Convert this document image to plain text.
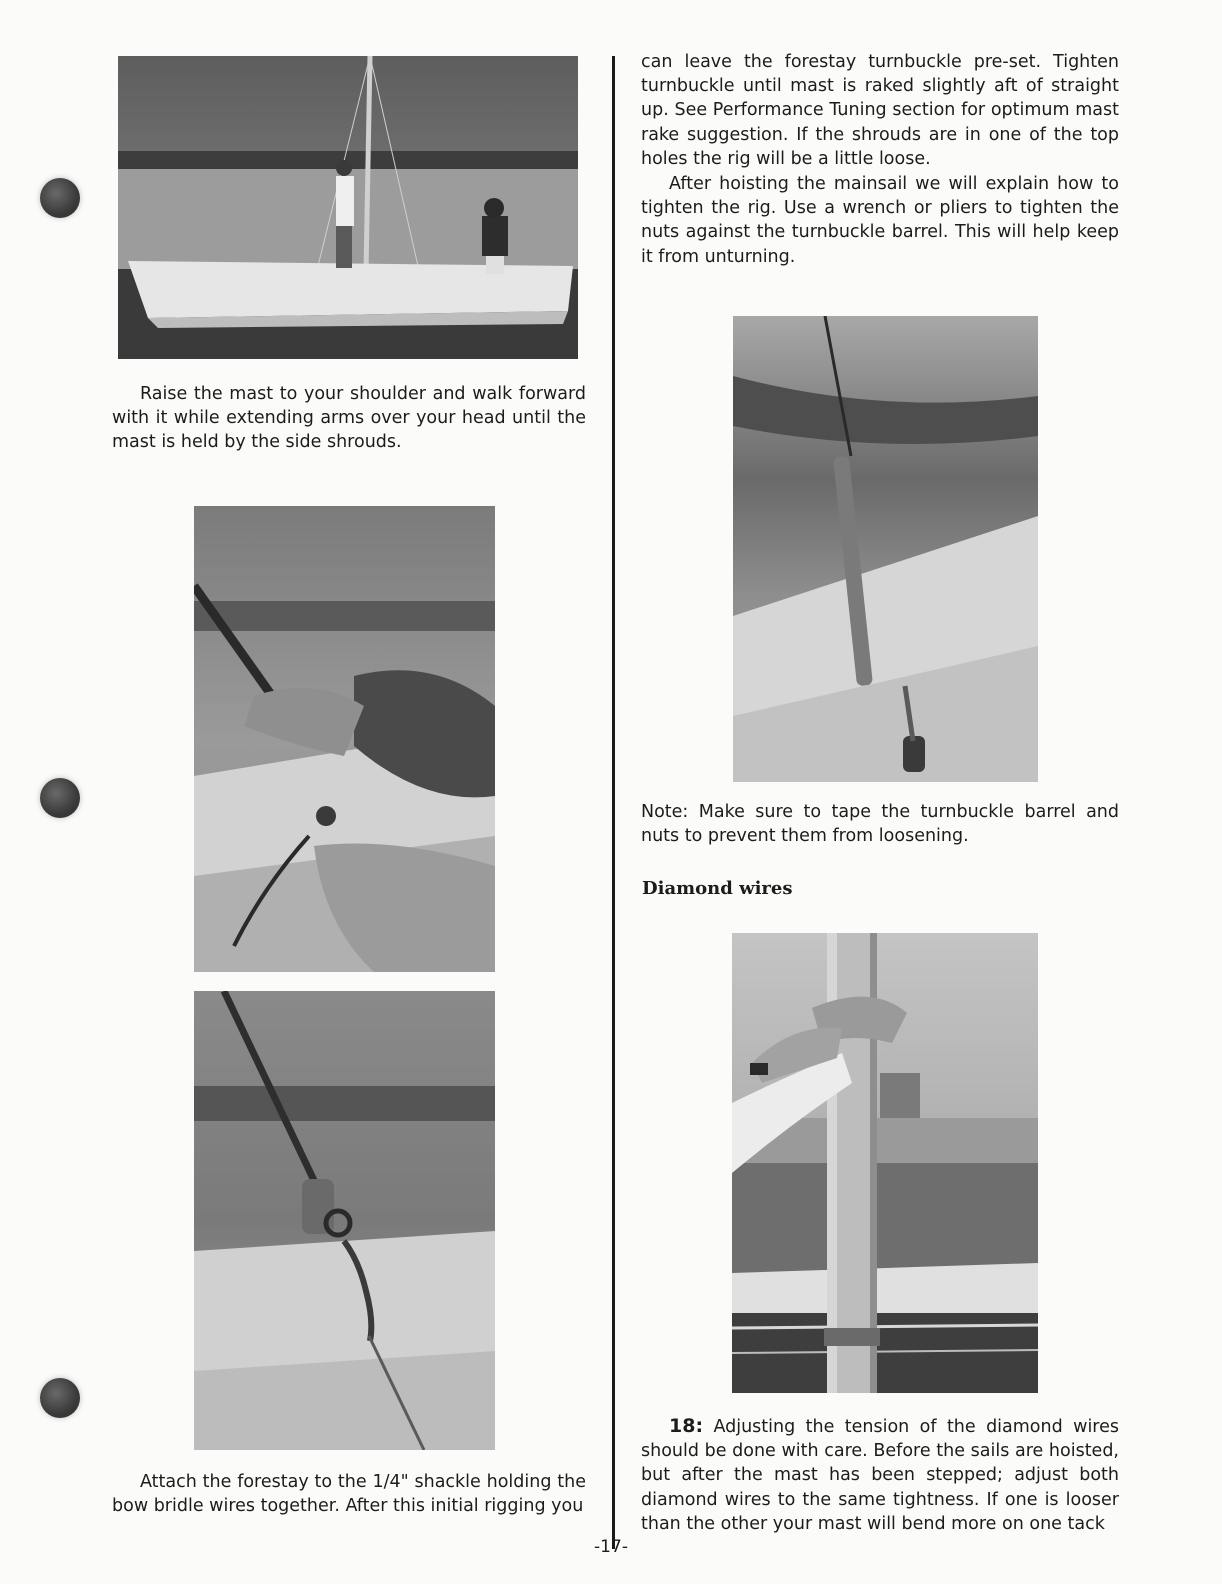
Raise the mast to your shoulder and walk forward with it while extending arms over your head until the mast is held by the side shrouds.
Attach the forestay to the 1/4" shackle holding the bow bridle wires together. After this initial rigging you
can leave the forestay turnbuckle pre-set. Tighten turnbuckle until mast is raked slightly aft of straight up. See Performance Tuning section for optimum mast rake suggestion. If the shrouds are in one of the top holes the rig will be a little loose.
After hoisting the mainsail we will explain how to tighten the rig. Use a wrench or pliers to tighten the nuts against the turnbuckle barrel. This will help keep it from unturning.
Note: Make sure to tape the turnbuckle barrel and nuts to prevent them from loosening.
Diamond wires
18: Adjusting the tension of the diamond wires should be done with care. Before the sails are hoisted, but after the mast has been stepped; adjust both diamond wires to the same tightness. If one is looser than the other your mast will bend more on one tack
-17-
